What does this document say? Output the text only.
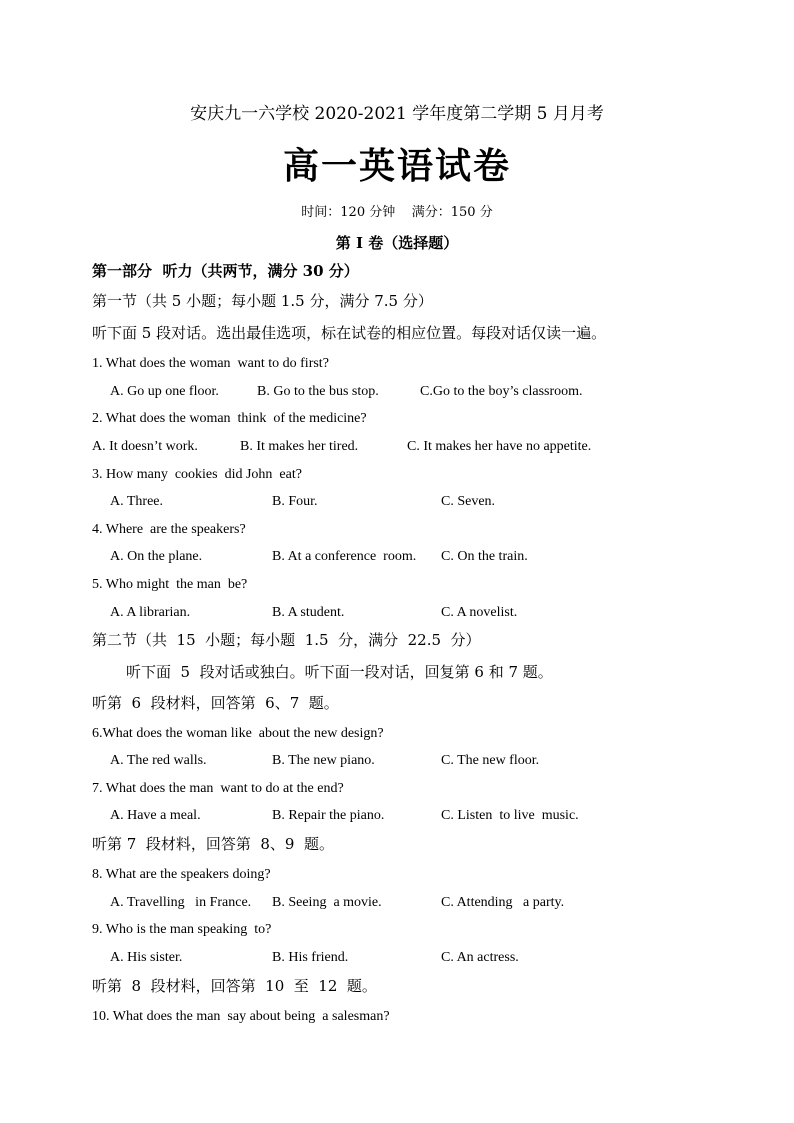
安庆九一六学校 2020-2021 学年度第二学期 5 月月考
高一英语试卷
时间：120 分钟    满分：150 分
第 I 卷（选择题）
第一部分  听力（共两节，满分 30 分）
第一节（共 5 小题；每小题 1.5 分，满分 7.5 分）
听下面 5 段对话。选出最佳选项，标在试卷的相应位置。每段对话仅读一遍。
1. What does the woman  want to do first?
A. Go up one floor.	B. Go to the bus stop.	C.Go to the boy’s classroom.
2. What does the woman  think  of the medicine?
A. It doesn’t work.	B. It makes her tired.	C. It makes her have no appetite.
3. How many  cookies  did John  eat?
A. Three.	B. Four.	C. Seven.
4. Where  are the speakers?
A. On the plane.	B. At a conference  room. C. On the train.
5. Who might  the man  be?
A. A librarian.	B. A student.	C. A novelist.
第二节（共  15  小题；每小题  1.5  分，满分  22.5  分）
听下面  5  段对话或独白。听下面一段对话，回复第 6 和 7 题。
听第  6  段材料，回答第  6、7  题。
6.What does the woman like  about the new design?
A. The red walls.	B. The new piano.	C. The new floor.
7. What does the man  want to do at the end?
A. Have a meal.	B. Repair the piano.	C. Listen  to live  music.
听第 7  段材料，回答第  8、9  题。
8. What are the speakers doing?
A. Travelling   in France. B. Seeing  a movie.	C. Attending   a party.
9. Who is the man speaking  to?
A. His sister.	B. His friend.	C. An actress.
听第  8  段材料，回答第  10  至  12  题。
10. What does the man  say about being  a salesman?
